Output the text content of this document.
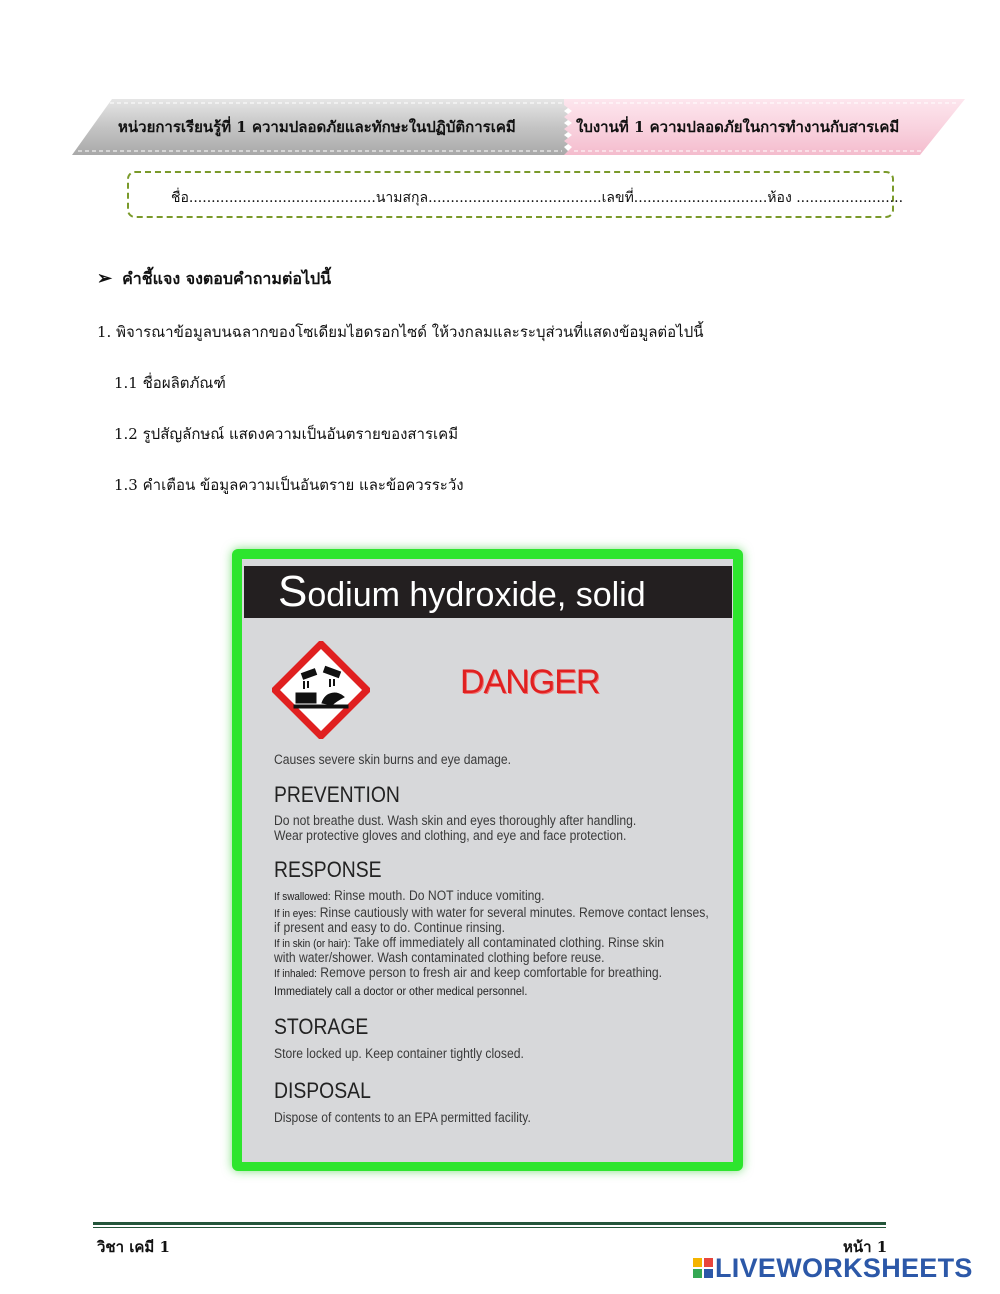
หน่วยการเรียนรู้ที่ 1 ความปลอดภัยและทักษะในปฏิบัติการเคมี	ใบงานที่ 1 ความปลอดภัยในการทำงานกับสารเคมี
ชื่อ..........................................นามสกุล.......................................เลขที่..............................ห้อง ........................
➢ คำชี้แจง จงตอบคำถามต่อไปนี้
1. พิจารณาข้อมูลบนฉลากของโซเดียมไฮดรอกไซด์ ให้วงกลมและระบุส่วนที่แสดงข้อมูลต่อไปนี้
1.1 ชื่อผลิตภัณฑ์
1.2 รูปสัญลักษณ์ แสดงความเป็นอันตรายของสารเคมี
1.3 คำเตือน ข้อมูลความเป็นอันตราย และข้อควรระวัง
Sodium hydroxide, solid
DANGER
Causes severe skin burns and eye damage.
PREVENTION
Do not breathe dust. Wash skin and eyes thoroughly after handling.
Wear protective gloves and clothing, and eye and face protection.
RESPONSE
If swallowed: Rinse mouth. Do NOT induce vomiting.
If in eyes: Rinse cautiously with water for several minutes. Remove contact lenses,
if present and easy to do. Continue rinsing.
If in skin (or hair): Take off immediately all contaminated clothing. Rinse skin
with water/shower. Wash contaminated clothing before reuse.
If inhaled: Remove person to fresh air and keep comfortable for breathing.
Immediately call a doctor or other medical personnel.
STORAGE
Store locked up. Keep container tightly closed.
DISPOSAL
Dispose of contents to an EPA permitted facility.
วิชา เคมี 1	หน้า 1
LIVEWORKSHEETS
